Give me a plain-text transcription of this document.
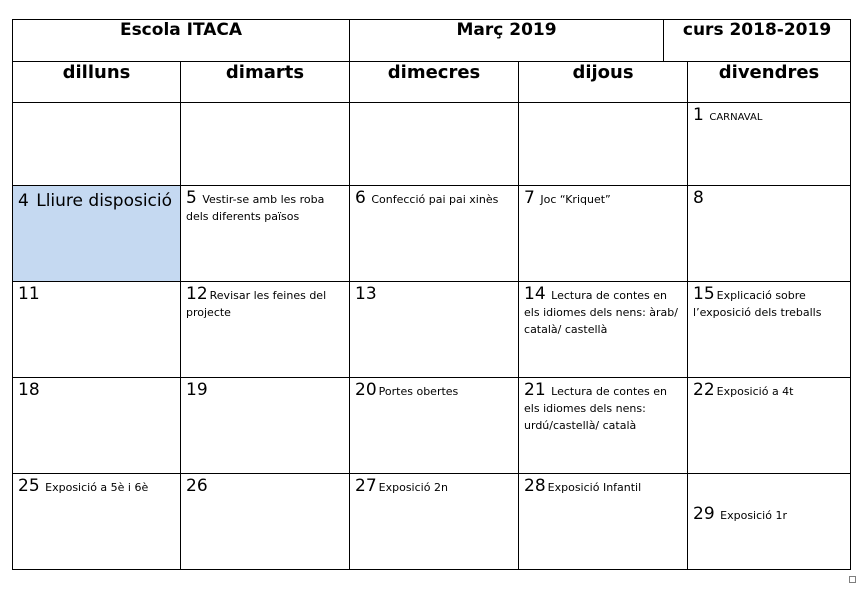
Escola ITACA		Març 2019		curs 2018-2019	
dilluns	dimarts	dimecres	dijous		divendres

					1 CARNAVAL

4 Lliure disposició	5 Vestir-se amb les roba dels diferents països	6 Confecció pai pai xinès	7 Joc “Kriquet”		8

11	12 Revisar les feines del projecte	13	14 Lectura de contes en els idiomes dels nens: àrab/ català/ castellà		15 Explicació sobre l’exposició dels treballs

18	19	20 Portes obertes	21 Lectura de contes en els idiomes dels nens: urdú/castellà/ català		22 Exposició a 4t

25 Exposició a 5è i 6è	26	27 Exposició 2n	28 Exposició Infantil		29 Exposició 1r
